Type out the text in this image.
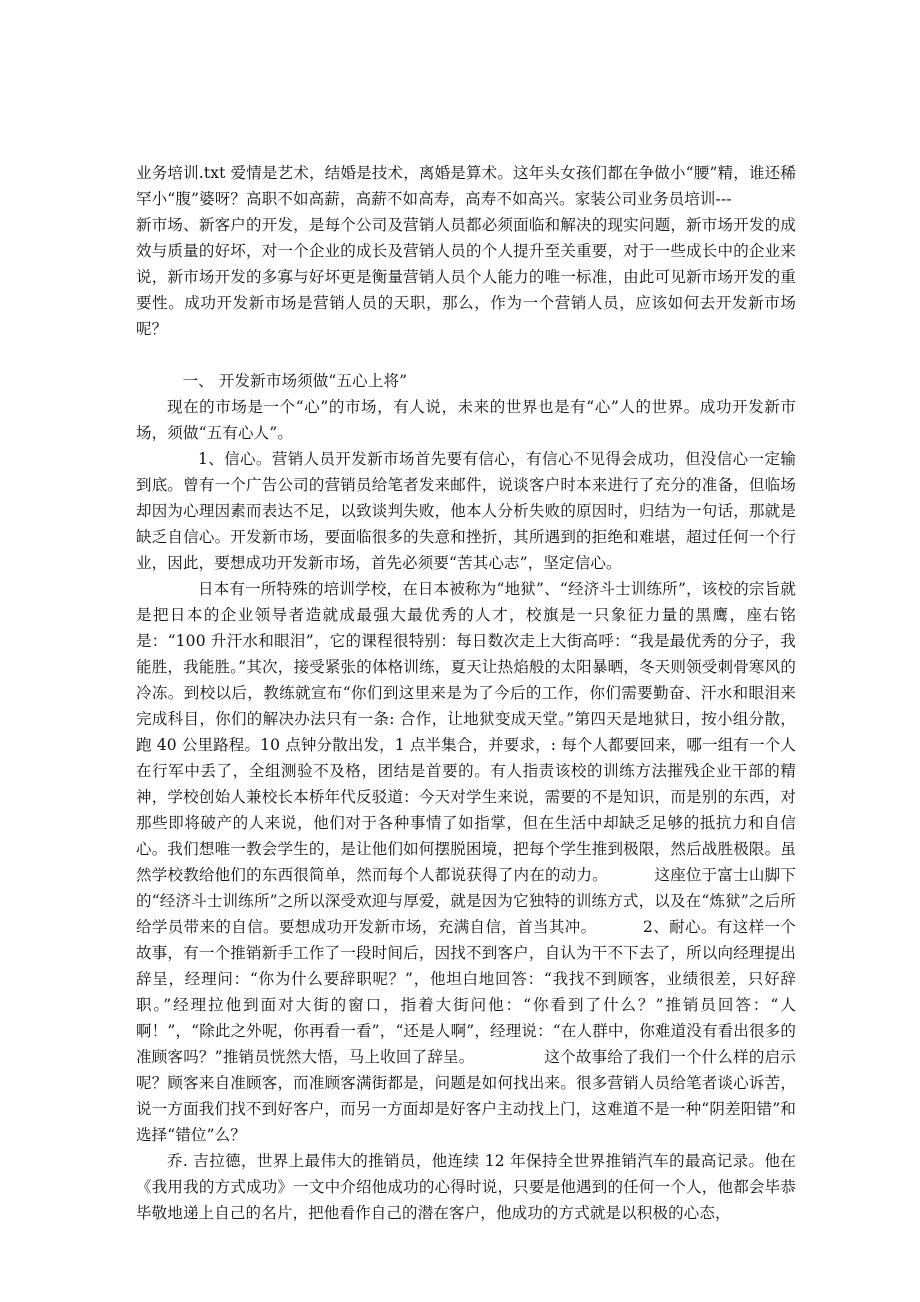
业务培训.txt 爱情是艺术，结婚是技术，离婚是算术。这年头女孩们都在争做小“腰”精，谁还稀罕小“腹”婆呀？高职不如高薪，高薪不如高寿，高寿不如高兴。家装公司业务员培训---

新市场、新客户的开发，是每个公司及营销人员都必须面临和解决的现实问题，新市场开发的成效与质量的好坏，对一个企业的成长及营销人员的个人提升至关重要，对于一些成长中的企业来说，新市场开发的多寡与好坏更是衡量营销人员个人能力的唯一标准，由此可见新市场开发的重要性。成功开发新市场是营销人员的天职，那么，作为一个营销人员，应该如何去开发新市场呢？

一、 开发新市场须做“五心上将”

现在的市场是一个“心”的市场，有人说，未来的世界也是有“心”人的世界。成功开发新市场，须做“五有心人”。

1、信心。营销人员开发新市场首先要有信心，有信心不见得会成功，但没信心一定输到底。曾有一个广告公司的营销员给笔者发来邮件，说谈客户时本来进行了充分的准备，但临场却因为心理因素而表达不足，以致谈判失败，他本人分析失败的原因时，归结为一句话，那就是缺乏自信心。开发新市场，要面临很多的失意和挫折，其所遇到的拒绝和难堪，超过任何一个行业，因此，要想成功开发新市场，首先必须要“苦其心志”，坚定信心。

日本有一所特殊的培训学校，在日本被称为“地狱”、“经济斗士训练所”，该校的宗旨就是把日本的企业领导者造就成最强大最优秀的人才，校旗是一只象征力量的黑鹰，座右铭是：“100 升汗水和眼泪”，它的课程很特别：每日数次走上大街高呼：“我是最优秀的分子，我能胜，我能胜。”其次，接受紧张的体格训练，夏天让热焰般的太阳暴晒，冬天则领受刺骨寒风的冷冻。到校以后，教练就宣布“你们到这里来是为了今后的工作，你们需要勤奋、汗水和眼泪来完成科目，你们的解决办法只有一条: 合作，让地狱变成天堂。”第四天是地狱日，按小组分散，跑 40 公里路程。10 点钟分散出发，1 点半集合，并要求，: 每个人都要回来，哪一组有一个人在行军中丢了，全组测验不及格，团结是首要的。有人指责该校的训练方法摧残企业干部的精神，学校创始人兼校长本桥年代反驳道：今天对学生来说，需要的不是知识，而是别的东西，对那些即将破产的人来说，他们对于各种事情了如指掌，但在生活中却缺乏足够的抵抗力和自信心。我们想唯一教会学生的，是让他们如何摆脱困境，把每个学生推到极限，然后战胜极限。虽然学校教给他们的东西很简单，然而每个人都说获得了内在的动力。	这座位于富士山脚下的“经济斗士训练所”之所以深受欢迎与厚爱，就是因为它独特的训练方式，以及在“炼狱”之后所给学员带来的自信。要想成功开发新市场，充满自信，首当其冲。	2、耐心。有这样一个故事，有一个推销新手工作了一段时间后，因找不到客户，自认为干不下去了，所以向经理提出辞呈，经理问：“你为什么要辞职呢？”，他坦白地回答：“我找不到顾客，业绩很差，只好辞职。”经理拉他到面对大街的窗口，指着大街问他：“你看到了什么？”推销员回答：“人啊！”，“除此之外呢，你再看一看”，“还是人啊”，经理说：“在人群中，你难道没有看出很多的准顾客吗？”推销员恍然大悟，马上收回了辞呈。	这个故事给了我们一个什么样的启示呢？顾客来自准顾客，而准顾客满街都是，问题是如何找出来。很多营销人员给笔者谈心诉苦，说一方面我们找不到好客户，而另一方面却是好客户主动找上门，这难道不是一种“阴差阳错”和选择“错位”么？

乔. 吉拉德，世界上最伟大的推销员，他连续 12 年保持全世界推销汽车的最高记录。他在《我用我的方式成功》一文中介绍他成功的心得时说，只要是他遇到的任何一个人，他都会毕恭毕敬地递上自己的名片，把他看作自己的潜在客户，他成功的方式就是以积极的心态，
